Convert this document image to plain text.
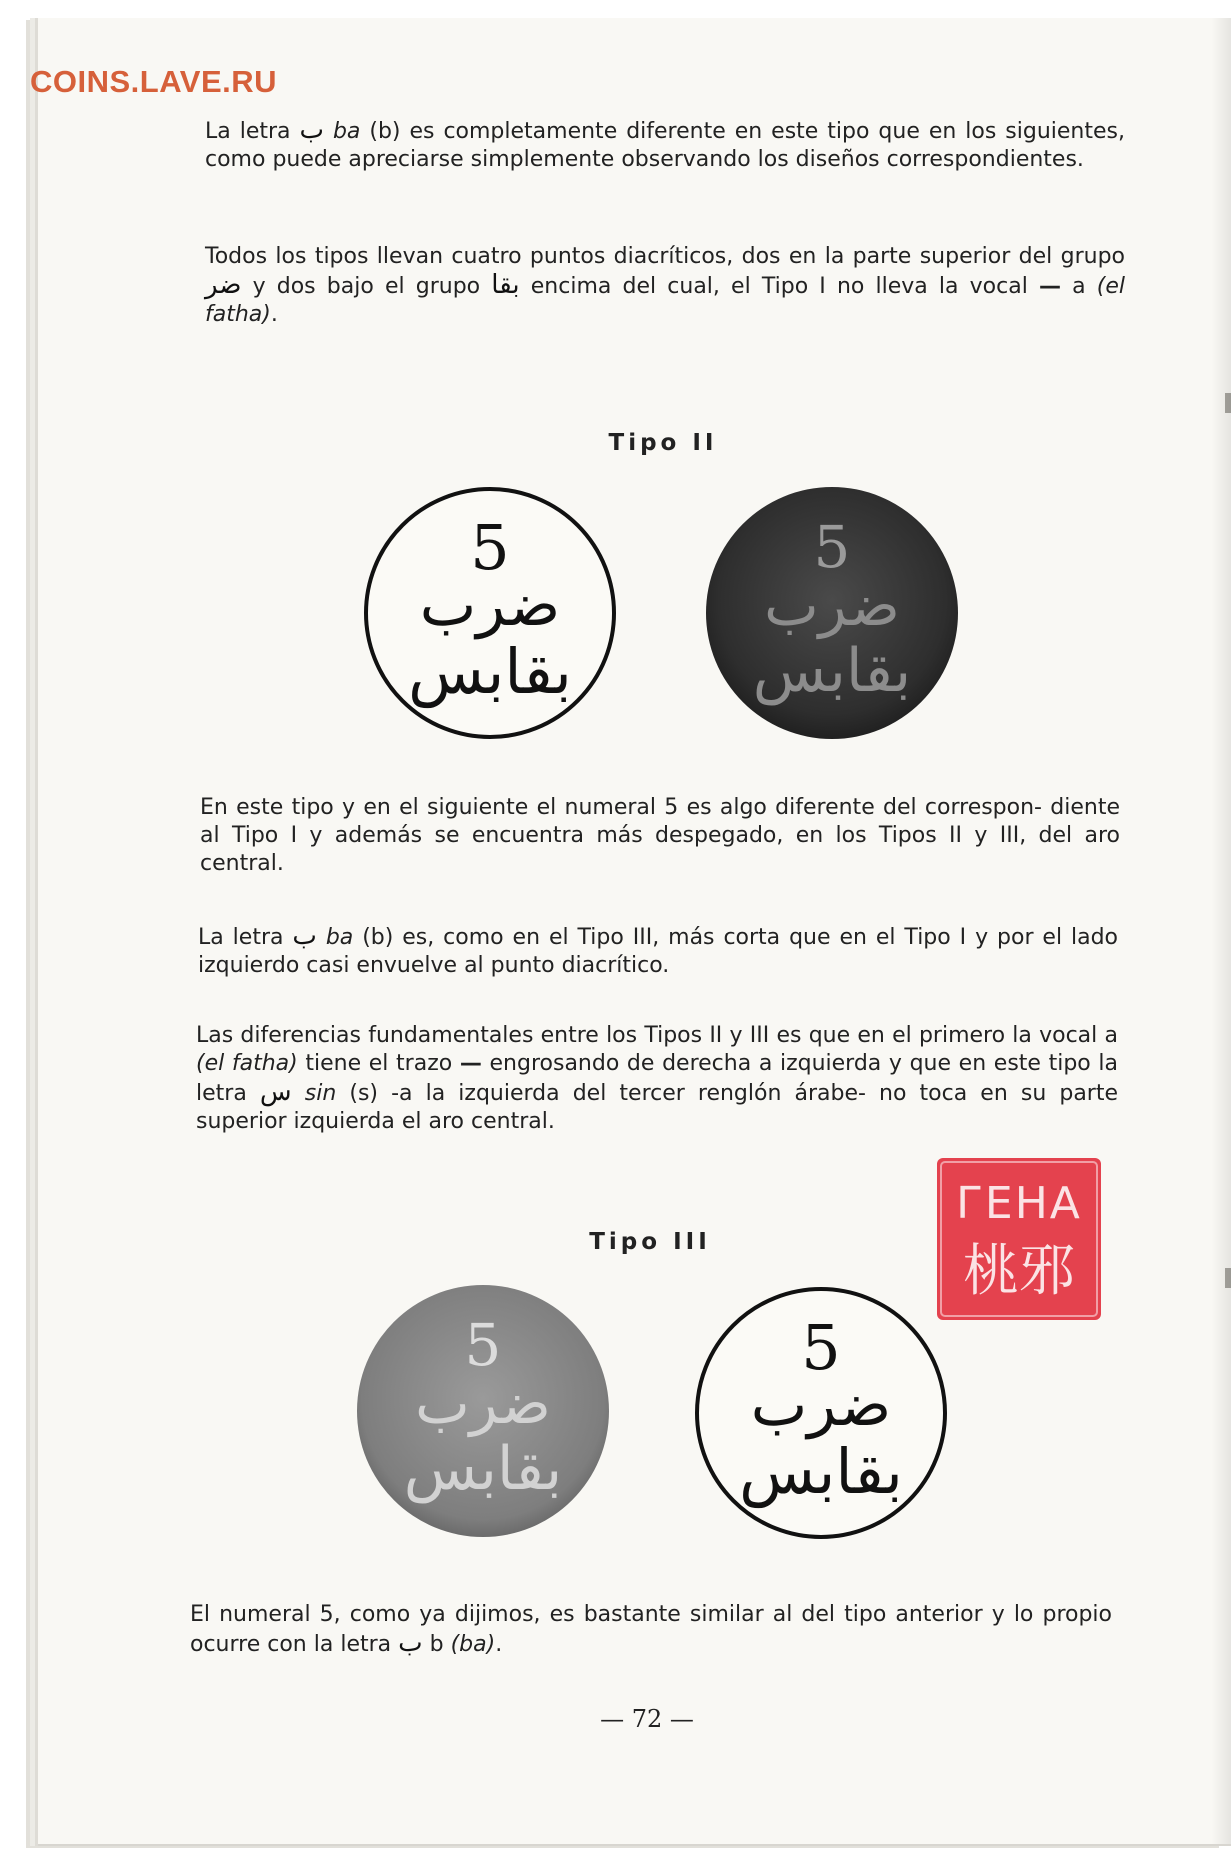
COINS.LAVE.RU

La letra ب ba (b) es completamente diferente en este tipo que en los siguientes, como puede apreciarse simplemente observando los diseños correspondientes.

Todos los tipos llevan cuatro puntos diacríticos, dos en la parte superior del grupo ضر y dos bajo el grupo بقا encima del cual, el Tipo I no lleva la vocal — a (el fatha).

Tipo II

5
ضرب
بقابس
5
ضرب
بقابس

En este tipo y en el siguiente el numeral 5 es algo diferente del correspon- diente al Tipo I y además se encuentra más despegado, en los Tipos II y III, del aro central.

La letra ب ba (b) es, como en el Tipo III, más corta que en el Tipo I y por el lado izquierdo casi envuelve al punto diacrítico.

Las diferencias fundamentales entre los Tipos II y III es que en el primero la vocal a (el fatha) tiene el trazo — engrosando de derecha a izquierda y que en este tipo la letra س sin (s) -a la izquierda del tercer renglón árabe- no toca en su parte superior izquierda el aro central.

Tipo III

5
ضرب
بقابس
5
ضرب
بقابس
ГЕНА
桃邪

El numeral 5, como ya dijimos, es bastante similar al del tipo anterior y lo propio ocurre con la letra ب b (ba).

— 72 —
